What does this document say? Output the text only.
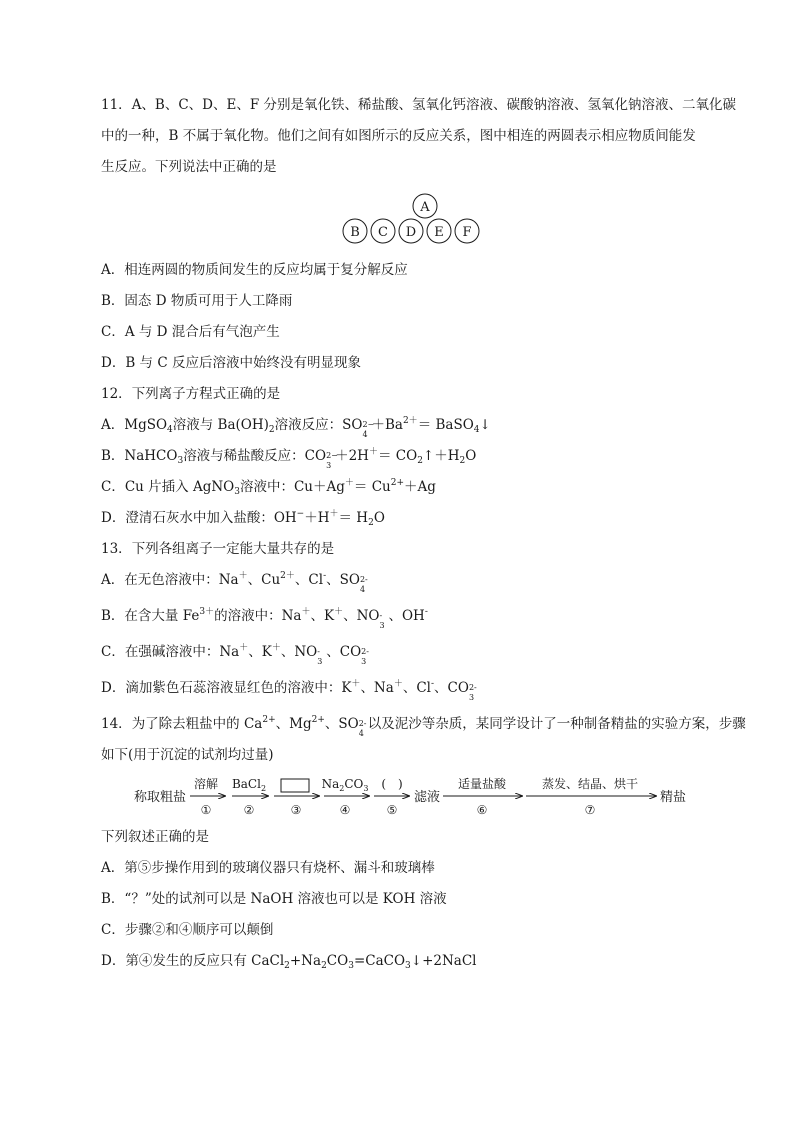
11．A、B、C、D、E、F 分别是氧化铁、稀盐酸、氢氧化钙溶液、碳酸钠溶液、氢氧化钠溶液、二氧化碳
中的一种，B 不属于氧化物。他们之间有如图所示的反应关系，图中相连的两圆表示相应物质间能发
生反应。下列说法中正确的是
A
B C D E F
A．相连两圆的物质间发生的反应均属于复分解反应
B．固态 D 物质可用于人工降雨
C．A 与 D 混合后有气泡产生
D．B 与 C 反应后溶液中始终没有明显现象
12．下列离子方程式正确的是
A．MgSO$_4$溶液与 $Ba(OH)_2$溶液反应：SO 2−
4
$+Ba^{2+}=$ BaSO$_4$↓
B．NaHCO$_3$溶液与稀盐酸反应：CO 2−
3
$+2H^+= CO_2↑+H_2O$
C．Cu 片插入 AgNO$_3$溶液中：$Cu+Ag^+= Cu^{2+}+Ag$
D．澄清石灰水中加入盐酸：$OH^-+H^+= H_2O$
13．下列各组离子一定能大量共存的是
A．在无色溶液中：Na＋、$Cu^{2+}$、Cl-、SO 2-
4
B．在含大量 $Fe^{3+}$的溶液中：Na＋、K＋、NO -
3
、OH-
C．在强碱溶液中：Na＋、K＋、NO -
3
、CO 2-
3
D．滴加紫色石蕊溶液显红色的溶液中：K＋、Na＋、Cl-、CO 2-
3
14．为了除去粗盐中的 $Ca^{2+}$、$Mg^{2+}$、SO 2-
4
以及泥沙等杂质，某同学设计了一种制备精盐的实验方案，步骤
如下(用于沉淀的试剂均过量)
称取粗盐
溶解
①
BaCl$_2$
②	③
$Na_2CO_3$
④
(　)
⑤
适量盐酸
⑥
蒸发、结晶、烘干
⑦
滤液	精盐
下列叙述正确的是
A．第⑤步操作用到的玻璃仪器只有烧杯、漏斗和玻璃棒
B．“？”处的试剂可以是 NaOH 溶液也可以是 KOH 溶液
C．步骤②和④顺序可以颠倒
D．第④发生的反应只有 $CaCl_2+Na_2CO_3=CaCO_3↓+2NaCl$
